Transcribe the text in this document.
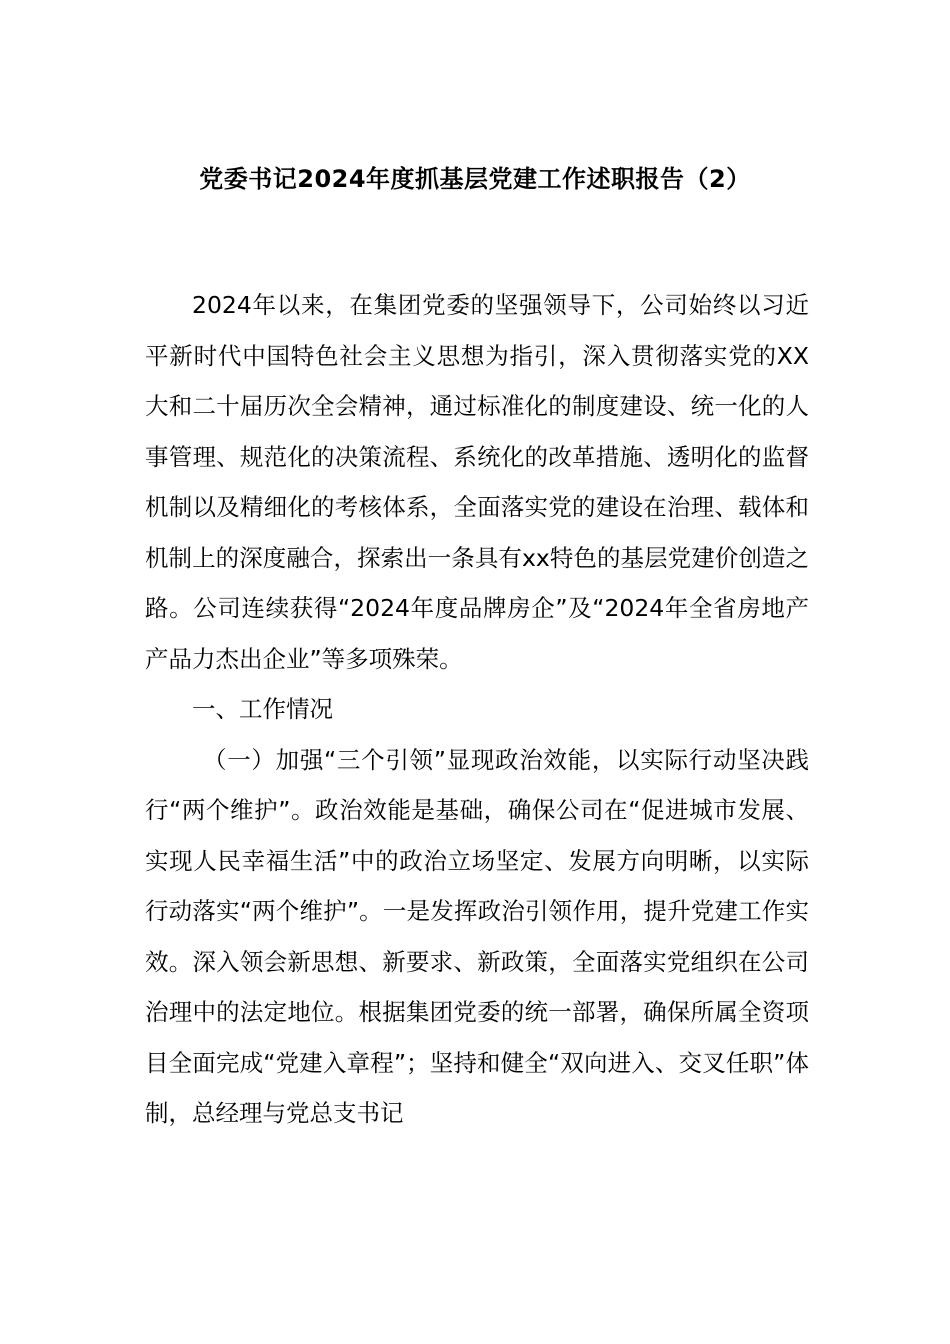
党委书记2024年度抓基层党建工作述职报告（2）

2024年以来，在集团党委的坚强领导下，公司始终以习近平新时代中国特色社会主义思想为指引，深入贯彻落实党的XX大和二十届历次全会精神，通过标准化的制度建设、统一化的人事管理、规范化的决策流程、系统化的改革措施、透明化的监督机制以及精细化的考核体系，全面落实党的建设在治理、载体和机制上的深度融合，探索出一条具有xx特色的基层党建价创造之路。公司连续获得“2024年度品牌房企”及“2024年全省房地产产品力杰出企业”等多项殊荣。

一、工作情况

（一）加强“三个引领”显现政治效能，以实际行动坚决践行“两个维护”。政治效能是基础，确保公司在“促进城市发展、实现人民幸福生活”中的政治立场坚定、发展方向明晰，以实际行动落实“两个维护”。一是发挥政治引领作用，提升党建工作实效。深入领会新思想、新要求、新政策，全面落实党组织在公司治理中的法定地位。根据集团党委的统一部署，确保所属全资项目全面完成“党建入章程”；坚持和健全“双向进入、交叉任职”体制，总经理与党总支书记
